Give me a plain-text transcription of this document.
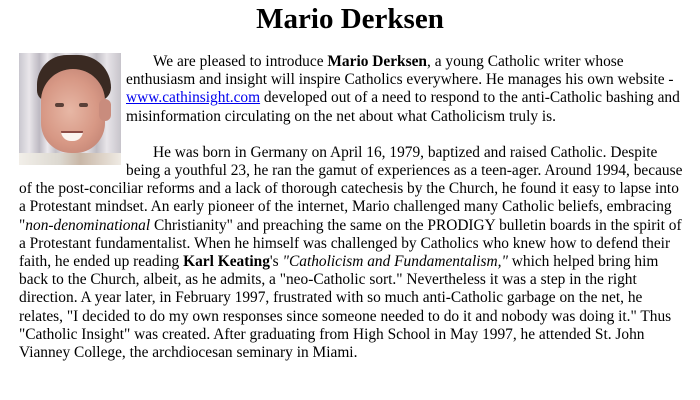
Mario Derksen

We are pleased to introduce Mario Derksen, a young Catholic writer whose enthusiasm and insight will inspire Catholics everywhere. He manages his own website - www.cathinsight.com developed out of a need to respond to the anti-Catholic bashing and misinformation circulating on the net about what Catholicism truly is.

He was born in Germany on April 16, 1979, baptized and raised Catholic. Despite being a youthful 23, he ran the gamut of experiences as a teen-ager. Around 1994, because of the post-conciliar reforms and a lack of thorough catechesis by the Church, he found it easy to lapse into a Protestant mindset. An early pioneer of the internet, Mario challenged many Catholic beliefs, embracing "non-denominational Christianity" and preaching the same on the PRODIGY bulletin boards in the spirit of a Protestant fundamentalist. When he himself was challenged by Catholics who knew how to defend their faith, he ended up reading Karl Keating's "Catholicism and Fundamentalism," which helped bring him back to the Church, albeit, as he admits, a "neo-Catholic sort." Nevertheless it was a step in the right direction. A year later, in February 1997, frustrated with so much anti-Catholic garbage on the net, he relates, "I decided to do my own responses since someone needed to do it and nobody was doing it." Thus "Catholic Insight" was created. After graduating from High School in May 1997, he attended St. John Vianney College, the archdiocesan seminary in Miami.
